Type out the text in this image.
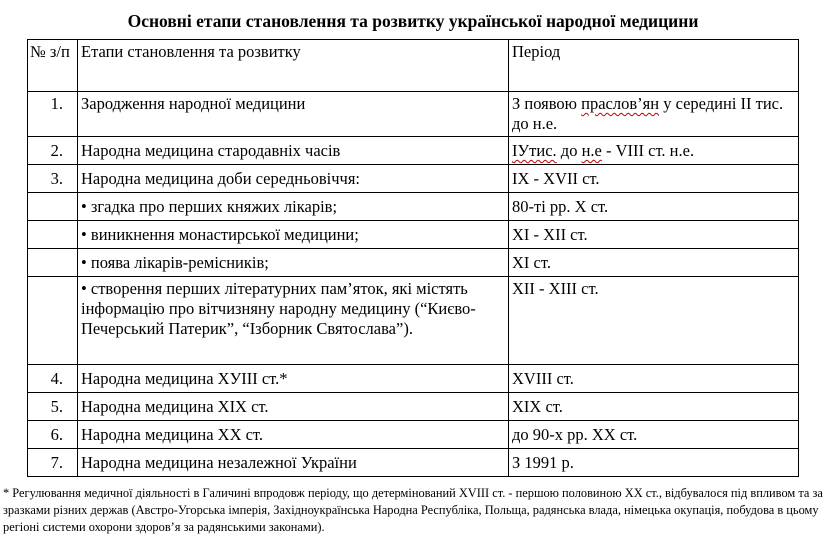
Основні етапи становлення та розвитку української народної медицини
№ з/п	Етапи становлення та розвитку	Період
1.	Зародження народної медицини	З появою праслов’ян у середині ІІ тис. до н.е.
2.	Народна медицина стародавніх часів	ІУтис. до н.е - VІІІ ст. н.е.
3.	Народна медицина доби середньовіччя:	ІХ - ХVІІ ст.
	• згадка про перших княжих лікарів;	80-ті рр. Х ст.
	• виникнення монастирської медицини;	ХІ - ХІІ ст.
	• поява лікарів-ремісників;	ХІ ст.
	• створення перших літературних пам’яток, які містять інформацію про вітчизняну народну медицину (“Києво- Печерський Патерик”, “Ізборник Святослава”).	ХІІ - ХІІІ ст.
4.	Народна медицина ХУІІІ ст.*	ХVІІІ ст.
5.	Народна медицина ХІХ ст.	ХІХ ст.
6.	Народна медицина ХХ ст.	до 90-х рр. ХХ ст.
7.	Народна медицина незалежної України	З 1991 р.
* Регулювання медичної діяльності в Галичині впродовж періоду, що детермінований ХVІІІ ст. - першою половиною ХХ ст., відбувалося під впливом та за зразками різних держав (Австро-Угорська імперія, Західноукраїнська Народна Республіка, Польща, радянська влада, німецька окупація, побудова в цьому регіоні системи охорони здоров’я за радянськими законами).
